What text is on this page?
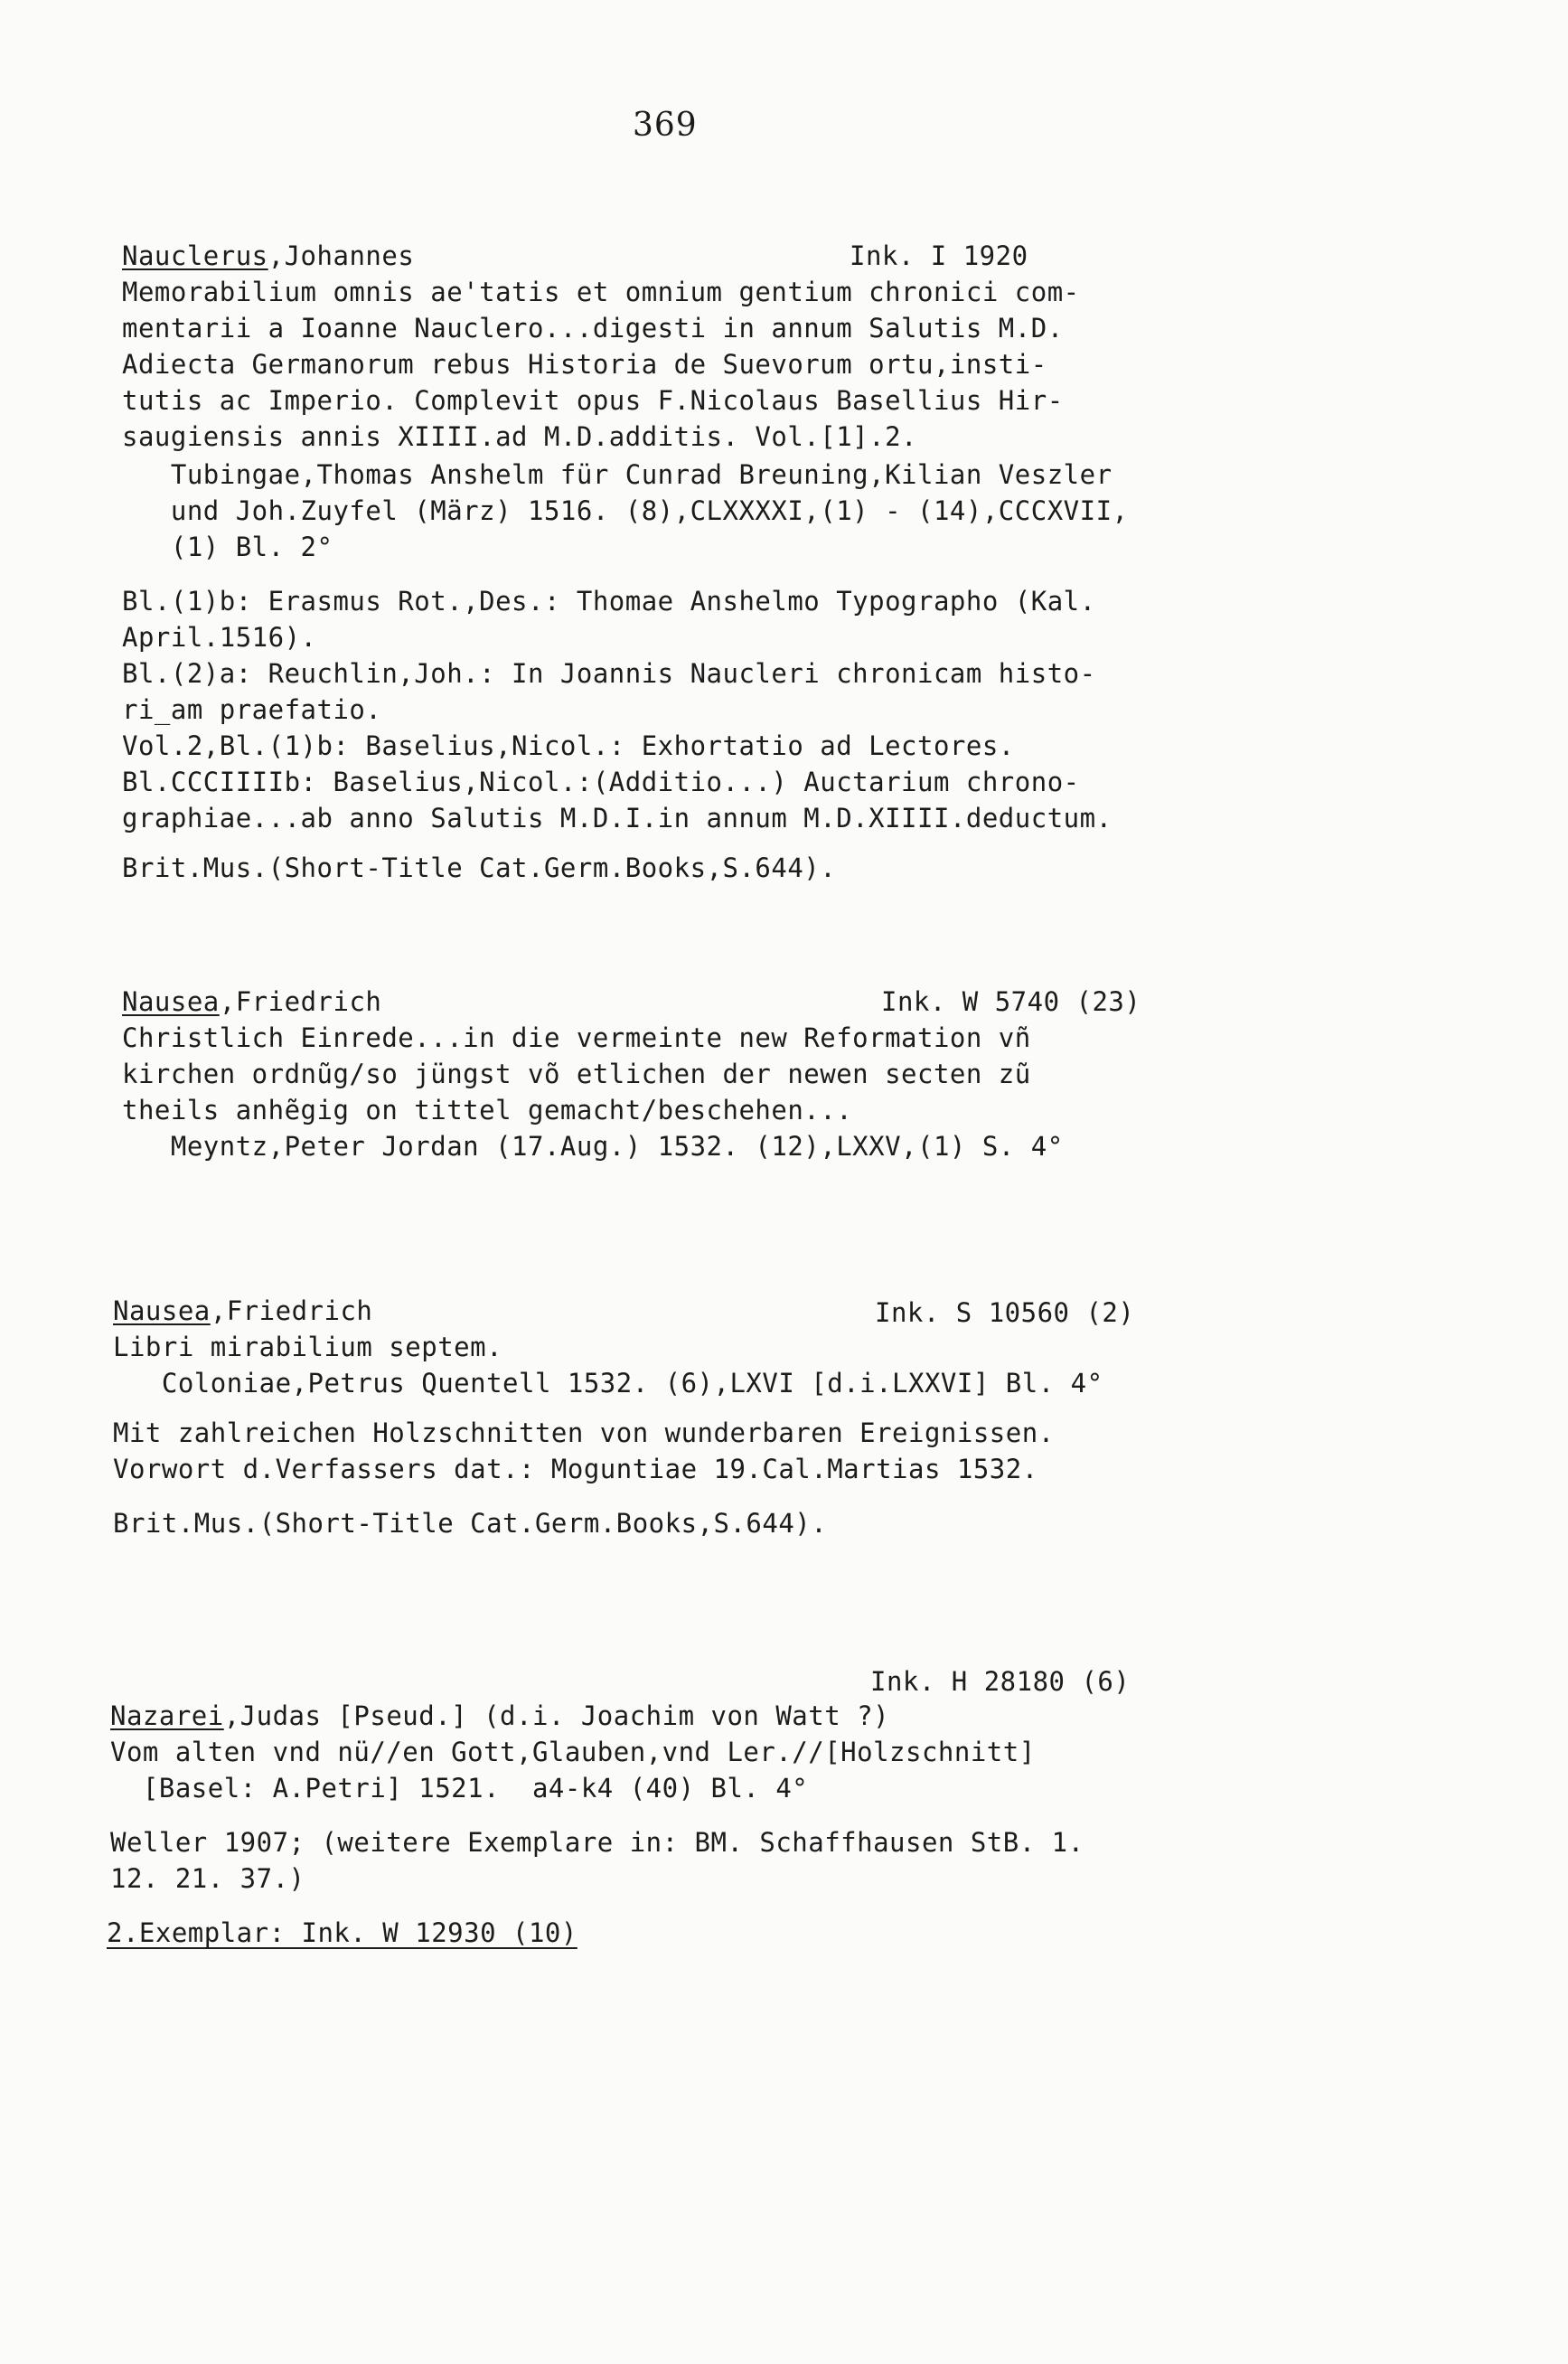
369
Nauclerus,Johannes	Ink. I 1920
Memorabilium omnis ae'tatis et omnium gentium chronici com-
mentarii a Ioanne Nauclero...digesti in annum Salutis M.D.
Adiecta Germanorum rebus Historia de Suevorum ortu,insti-
tutis ac Imperio. Complevit opus F.Nicolaus Basellius Hir-
saugiensis annis XIIII.ad M.D.additis. Vol.[1].2.
Tubingae,Thomas Anshelm für Cunrad Breuning,Kilian Veszler
und Joh.Zuyfel (März) 1516. (8),CLXXXXI,(1) - (14),CCCXVII,
(1) Bl. 2°
Bl.(1)b: Erasmus Rot.,Des.: Thomae Anshelmo Typographo (Kal.
April.1516).
Bl.(2)a: Reuchlin,Joh.: In Joannis Naucleri chronicam histo-
ri_am praefatio.
Vol.2,Bl.(1)b: Baselius,Nicol.: Exhortatio ad Lectores.
Bl.CCCIIIIb: Baselius,Nicol.:(Additio...) Auctarium chrono-
graphiae...ab anno Salutis M.D.I.in annum M.D.XIIII.deductum.
Brit.Mus.(Short-Title Cat.Germ.Books,S.644).
Nausea,Friedrich	Ink. W 5740 (23)
Christlich Einrede...in die vermeinte new Reformation vñ
kirchen ordnũg/so jüngst võ etlichen der newen secten zũ
theils anhẽgig on tittel gemacht/beschehen...
Meyntz,Peter Jordan (17.Aug.) 1532. (12),LXXV,(1) S. 4°
Nausea,Friedrich	Ink. S 10560 (2)
Libri mirabilium septem.
Coloniae,Petrus Quentell 1532. (6),LXVI [d.i.LXXVI] Bl. 4°
Mit zahlreichen Holzschnitten von wunderbaren Ereignissen.
Vorwort d.Verfassers dat.: Moguntiae 19.Cal.Martias 1532.
Brit.Mus.(Short-Title Cat.Germ.Books,S.644).
Ink. H 28180 (6)
Nazarei,Judas [Pseud.] (d.i. Joachim von Watt ?)
Vom alten vnd nü//en Gott,Glauben,vnd Ler.//[Holzschnitt]
[Basel: A.Petri] 1521.  a4-k4 (40) Bl. 4°
Weller 1907; (weitere Exemplare in: BM. Schaffhausen StB. 1.
12. 21. 37.)
2.Exemplar: Ink. W 12930 (10)
